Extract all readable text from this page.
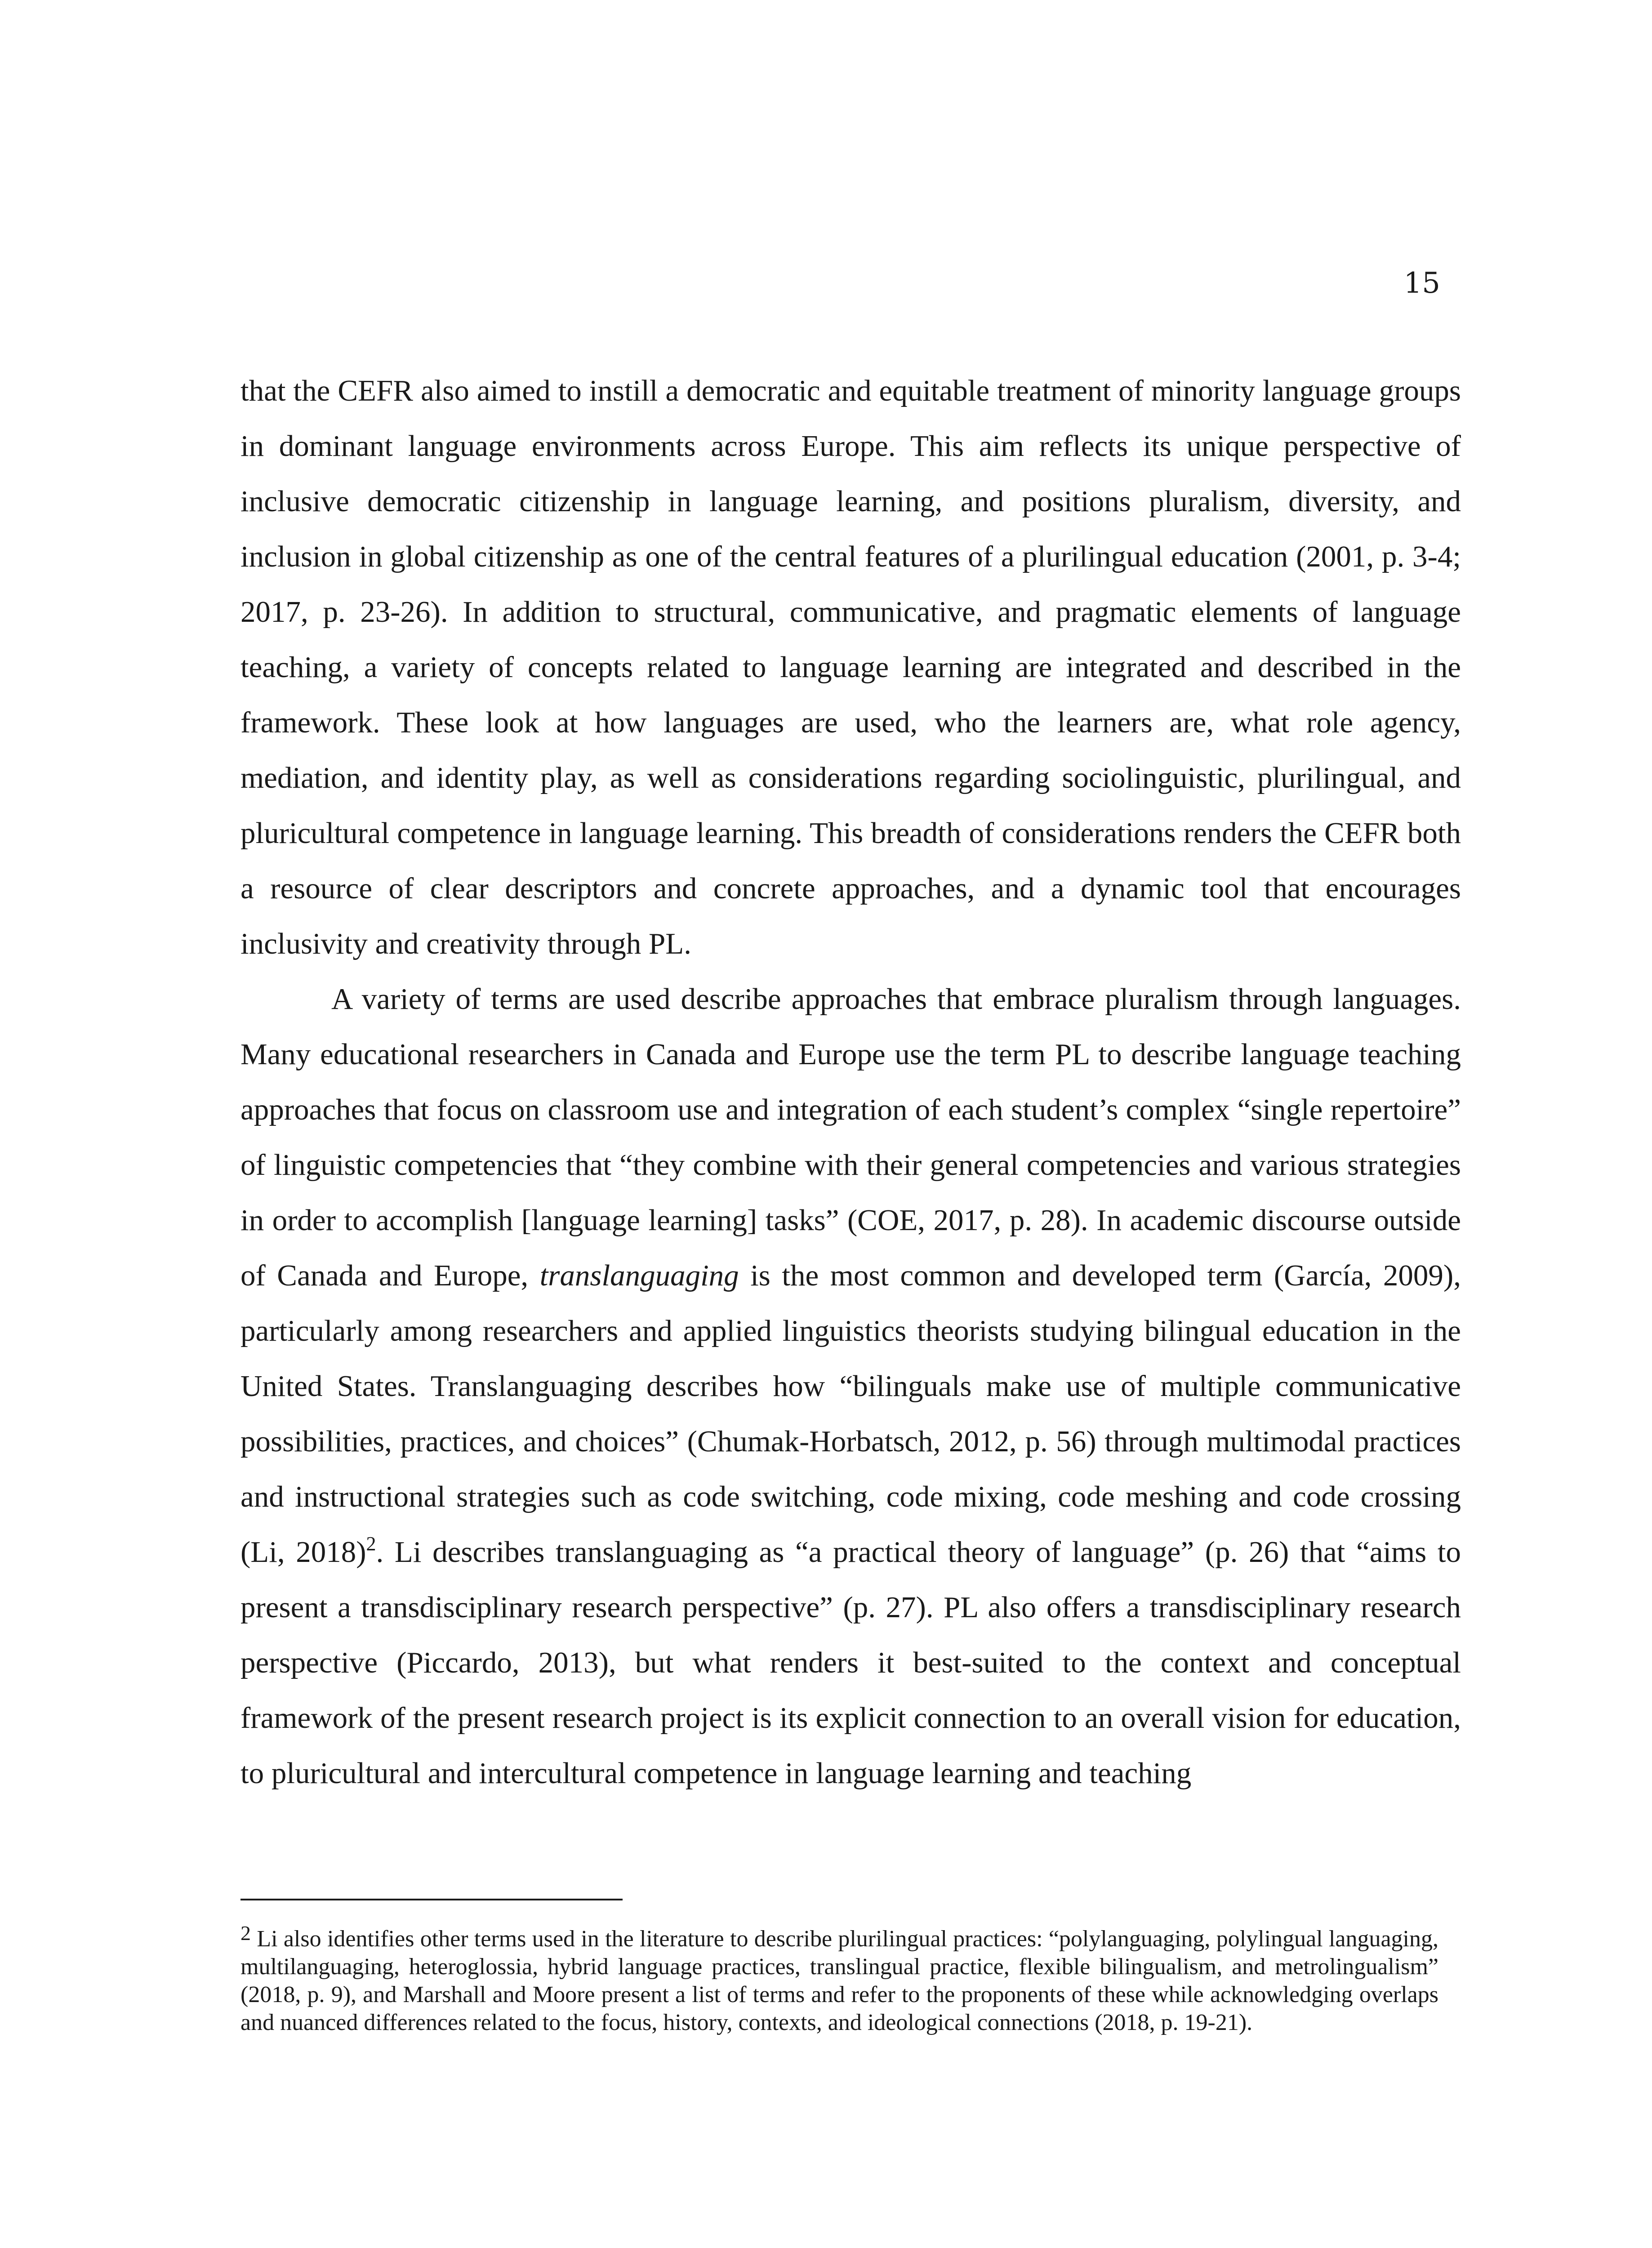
15

that the CEFR also aimed to instill a democratic and equitable treatment of minority language groups in dominant language environments across Europe. This aim reflects its unique perspective of inclusive democratic citizenship in language learning, and positions pluralism, diversity, and inclusion in global citizenship as one of the central features of a plurilingual education (2001, p. 3-4; 2017, p. 23-26). In addition to structural, communicative, and pragmatic elements of language teaching, a variety of concepts related to language learning are integrated and described in the framework. These look at how languages are used, who the learners are, what role agency, mediation, and identity play, as well as considerations regarding sociolinguistic, plurilingual, and pluricultural competence in language learning. This breadth of considerations renders the CEFR both a resource of clear descriptors and concrete approaches, and a dynamic tool that encourages inclusivity and creativity through PL.

A variety of terms are used describe approaches that embrace pluralism through languages. Many educational researchers in Canada and Europe use the term PL to describe language teaching approaches that focus on classroom use and integration of each student’s complex “single repertoire” of linguistic competencies that “they combine with their general competencies and various strategies in order to accomplish [language learning] tasks” (COE, 2017, p. 28). In academic discourse outside of Canada and Europe, translanguaging is the most common and developed term (García, 2009), particularly among researchers and applied linguistics theorists studying bilingual education in the United States. Translanguaging describes how “bilinguals make use of multiple communicative possibilities, practices, and choices” (Chumak-Horbatsch, 2012, p. 56) through multimodal practices and instructional strategies such as code switching, code mixing, code meshing and code crossing (Li, 2018)$^2$. Li describes translanguaging as “a practical theory of language” (p. 26) that “aims to present a transdisciplinary research perspective” (p. 27). PL also offers a transdisciplinary research perspective (Piccardo, 2013), but what renders it best-suited to the context and conceptual framework of the present research project is its explicit connection to an overall vision for education, to pluricultural and intercultural competence in language learning and teaching

2 Li also identifies other terms used in the literature to describe plurilingual practices: “polylanguaging, polylingual languaging, multilanguaging, heteroglossia, hybrid language practices, translingual practice, flexible bilingualism, and metrolingualism” (2018, p. 9), and Marshall and Moore present a list of terms and refer to the proponents of these while acknowledging overlaps and nuanced differences related to the focus, history, contexts, and ideological connections (2018, p. 19-21).
